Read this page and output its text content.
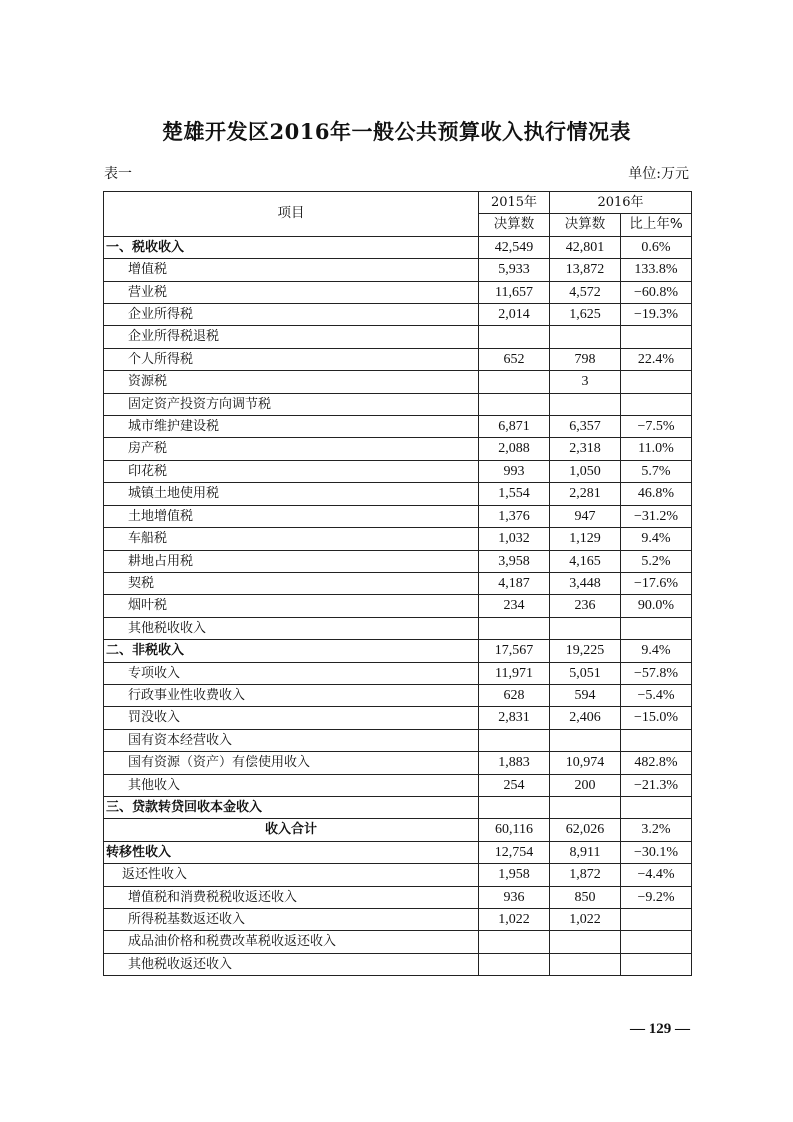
楚雄开发区2016年一般公共预算收入执行情况表
表一	单位:万元
项目	2015年	2016年	
	决算数	决算数	比上年%
一、税收收入	42,549	42,801	0.6%
增值税	5,933	13,872	133.8%
营业税	11,657	4,572	−60.8%
企业所得税	2,014	1,625	−19.3%
企业所得税退税			
个人所得税	652	798	22.4%
资源税		3	
固定资产投资方向调节税			
城市维护建设税	6,871	6,357	−7.5%
房产税	2,088	2,318	11.0%
印花税	993	1,050	5.7%
城镇土地使用税	1,554	2,281	46.8%
土地增值税	1,376	947	−31.2%
车船税	1,032	1,129	9.4%
耕地占用税	3,958	4,165	5.2%
契税	4,187	3,448	−17.6%
烟叶税	234	236	90.0%
其他税收收入			
二、非税收入	17,567	19,225	9.4%
专项收入	11,971	5,051	−57.8%
行政事业性收费收入	628	594	−5.4%
罚没收入	2,831	2,406	−15.0%
国有资本经营收入			
国有资源（资产）有偿使用收入	1,883	10,974	482.8%
其他收入	254	200	−21.3%
三、贷款转贷回收本金收入			
收入合计	60,116	62,026	3.2%
转移性收入	12,754	8,911	−30.1%
返还性收入	1,958	1,872	−4.4%
增值税和消费税税收返还收入	936	850	−9.2%
所得税基数返还收入	1,022	1,022	
成品油价格和税费改革税收返还收入			
其他税收返还收入			
— 129 —
